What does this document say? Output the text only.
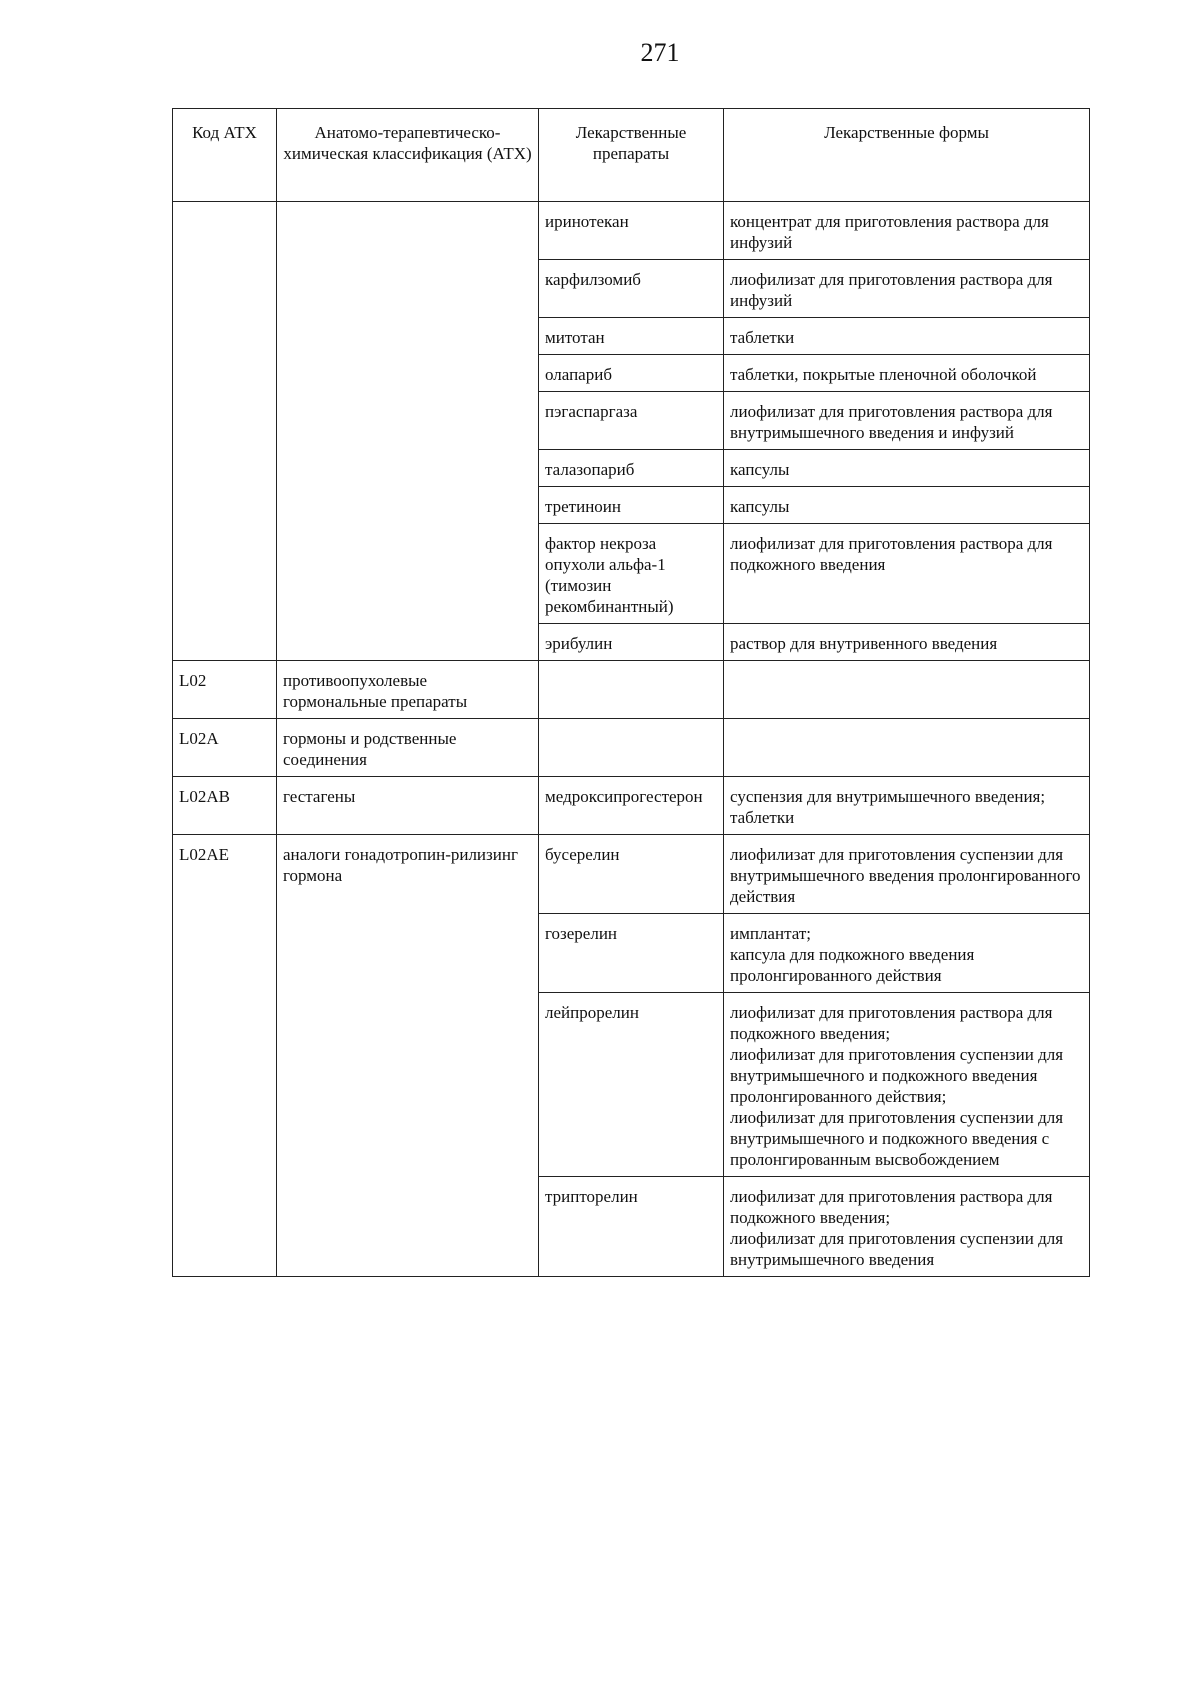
271
Код АТХ	Анатомо-терапевтическо-химическая классификация (АТХ)	Лекарственные препараты	Лекарственные формы
		иринотекан	концентрат для приготовления раствора для инфузий

		карфилзомиб	лиофилизат для приготовления раствора для инфузий

		митотан	таблетки

		олапариб	таблетки, покрытые пленочной оболочкой

		пэгаспаргаза	лиофилизат для приготовления раствора для внутримышечного введения и инфузий

		талазопариб	капсулы

		третиноин	капсулы

		фактор некроза опухоли альфа-1 (тимозин рекомбинантный)	лиофилизат для приготовления раствора для подкожного введения

		эрибулин	раствор для внутривенного введения

L02	противоопухолевые гормональные препараты		
L02A	гормоны и родственные соединения		
L02AB	гестагены	медроксипрогестерон	суспензия для внутримышечного введения;
таблетки

L02AE	аналоги гонадотропин-рилизинг гормона	бусерелин	лиофилизат для приготовления суспензии для внутримышечного введения пролонгированного действия

		гозерелин	имплантат;
капсула для подкожного введения пролонгированного действия

		лейпрорелин	лиофилизат для приготовления раствора для подкожного введения;
лиофилизат для приготовления суспензии для внутримышечного и подкожного введения пролонгированного действия;
лиофилизат для приготовления суспензии для внутримышечного и подкожного введения с пролонгированным высвобождением

		трипторелин	лиофилизат для приготовления раствора для подкожного введения;
лиофилизат для приготовления суспензии для внутримышечного введения
